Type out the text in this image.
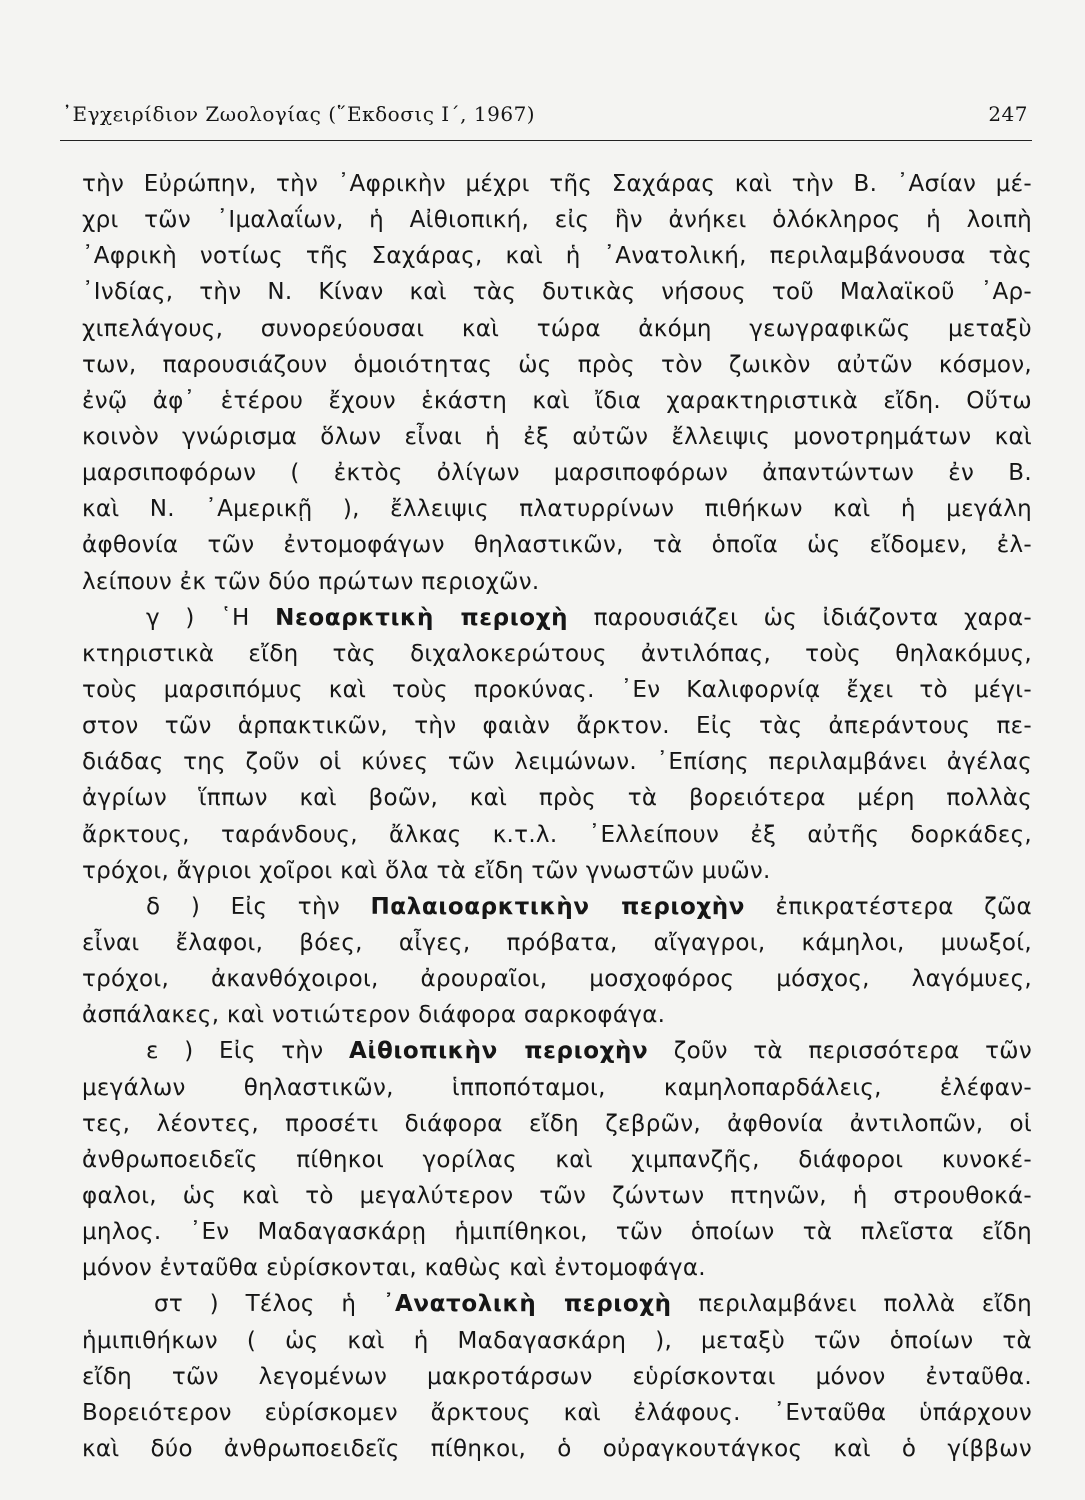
᾽Εγχειρίδιον Ζωολογίας (῞Εκδοσις Ι΄, 1967)	247
τὴν Εὐρώπην, τὴν ᾽Αφρικὴν μέχρι τῆς Σαχάρας καὶ τὴν Β. ᾽Ασίαν μέ-
χρι τῶν ᾽Ιμαλαΐων, ἡ Αἰθιοπική, εἰς ἣν ἀνήκει ὁλόκληρος ἡ λοιπὴ
᾽Αφρικὴ νοτίως τῆς Σαχάρας, καὶ ἡ ᾽Ανατολική, περιλαμβάνουσα τὰς
᾽Ινδίας, τὴν Ν. Κίναν καὶ τὰς δυτικὰς νήσους τοῦ Μαλαϊκοῦ ᾽Αρ-
χιπελάγους, συνορεύουσαι καὶ τώρα ἀκόμη γεωγραφικῶς μεταξὺ
των, παρουσιάζουν ὁμοιότητας ὡς πρὸς τὸν ζωικὸν αὐτῶν κόσμον,
ἐνῷ ἀφ᾽ ἑτέρου ἔχουν ἑκάστη καὶ ἴδια χαρακτηριστικὰ εἴδη. Οὕτω
κοινὸν γνώρισμα ὅλων εἶναι ἡ ἐξ αὐτῶν ἔλλειψις μονοτρημάτων καὶ
μαρσιποφόρων ( ἐκτὸς ὀλίγων μαρσιποφόρων ἀπαντώντων ἐν Β.
καὶ Ν. ᾽Αμερικῇ ), ἔλλειψις πλατυρρίνων πιθήκων καὶ ἡ μεγάλη
ἀφθονία τῶν ἐντομοφάγων θηλαστικῶν, τὰ ὁποῖα ὡς εἴδομεν, ἐλ-
λείπουν ἐκ τῶν δύο πρώτων περιοχῶν.
γ ) ῾Η Νεοαρκτικὴ περιοχὴ παρουσιάζει ὡς ἰδιάζοντα χαρα-
κτηριστικὰ εἴδη τὰς διχαλοκερώτους ἀντιλόπας, τοὺς θηλακόμυς,
τοὺς μαρσιπόμυς καὶ τοὺς προκύνας. ᾽Εν Καλιφορνίᾳ ἔχει τὸ μέγι-
στον τῶν ἁρπακτικῶν, τὴν φαιὰν ἄρκτον. Εἰς τὰς ἀπεράντους πε-
διάδας της ζοῦν οἱ κύνες τῶν λειμώνων. ᾽Επίσης περιλαμβάνει ἀγέλας
ἀγρίων ἵππων καὶ βοῶν, καὶ πρὸς τὰ βορειότερα μέρη πολλὰς
ἄρκτους, ταράνδους, ἄλκας κ.τ.λ. ᾽Ελλείπουν ἐξ αὐτῆς δορκάδες,
τρόχοι, ἄγριοι χοῖροι καὶ ὅλα τὰ εἴδη τῶν γνωστῶν μυῶν.
δ ) Εἰς τὴν Παλαιοαρκτικὴν περιοχὴν ἐπικρατέστερα ζῶα
εἶναι ἔλαφοι, βόες, αἶγες, πρόβατα, αἴγαγροι, κάμηλοι, μυωξοί,
τρόχοι, ἀκανθόχοιροι, ἀρουραῖοι, μοσχοφόρος μόσχος, λαγόμυες,
ἀσπάλακες, καὶ νοτιώτερον διάφορα σαρκοφάγα.
ε ) Εἰς τὴν Αἰθιοπικὴν περιοχὴν ζοῦν τὰ περισσότερα τῶν
μεγάλων θηλαστικῶν, ἱπποπόταμοι, καμηλοπαρδάλεις, ἐλέφαν-
τες, λέοντες, προσέτι διάφορα εἴδη ζεβρῶν, ἀφθονία ἀντιλοπῶν, οἱ
ἀνθρωποειδεῖς πίθηκοι γορίλας καὶ χιμπανζῆς, διάφοροι κυνοκέ-
φαλοι, ὡς καὶ τὸ μεγαλύτερον τῶν ζώντων πτηνῶν, ἡ στρουθοκά-
μηλος. ᾽Εν Μαδαγασκάρῃ ἡμιπίθηκοι, τῶν ὁποίων τὰ πλεῖστα εἴδη
μόνον ἐνταῦθα εὑρίσκονται, καθὼς καὶ ἐντομοφάγα.
στ ) Τέλος ἡ ᾽Ανατολικὴ περιοχὴ περιλαμβάνει πολλὰ εἴδη
ἡμιπιθήκων ( ὡς καὶ ἡ Μαδαγασκάρη ), μεταξὺ τῶν ὁποίων τὰ
εἴδη τῶν λεγομένων μακροτάρσων εὑρίσκονται μόνον ἐνταῦθα.
Βορειότερον εὑρίσκομεν ἄρκτους καὶ ἐλάφους. ᾽Ενταῦθα ὑπάρχουν
καὶ δύο ἀνθρωποειδεῖς πίθηκοι, ὁ οὐραγκουτάγκος καὶ ὁ γίββων
